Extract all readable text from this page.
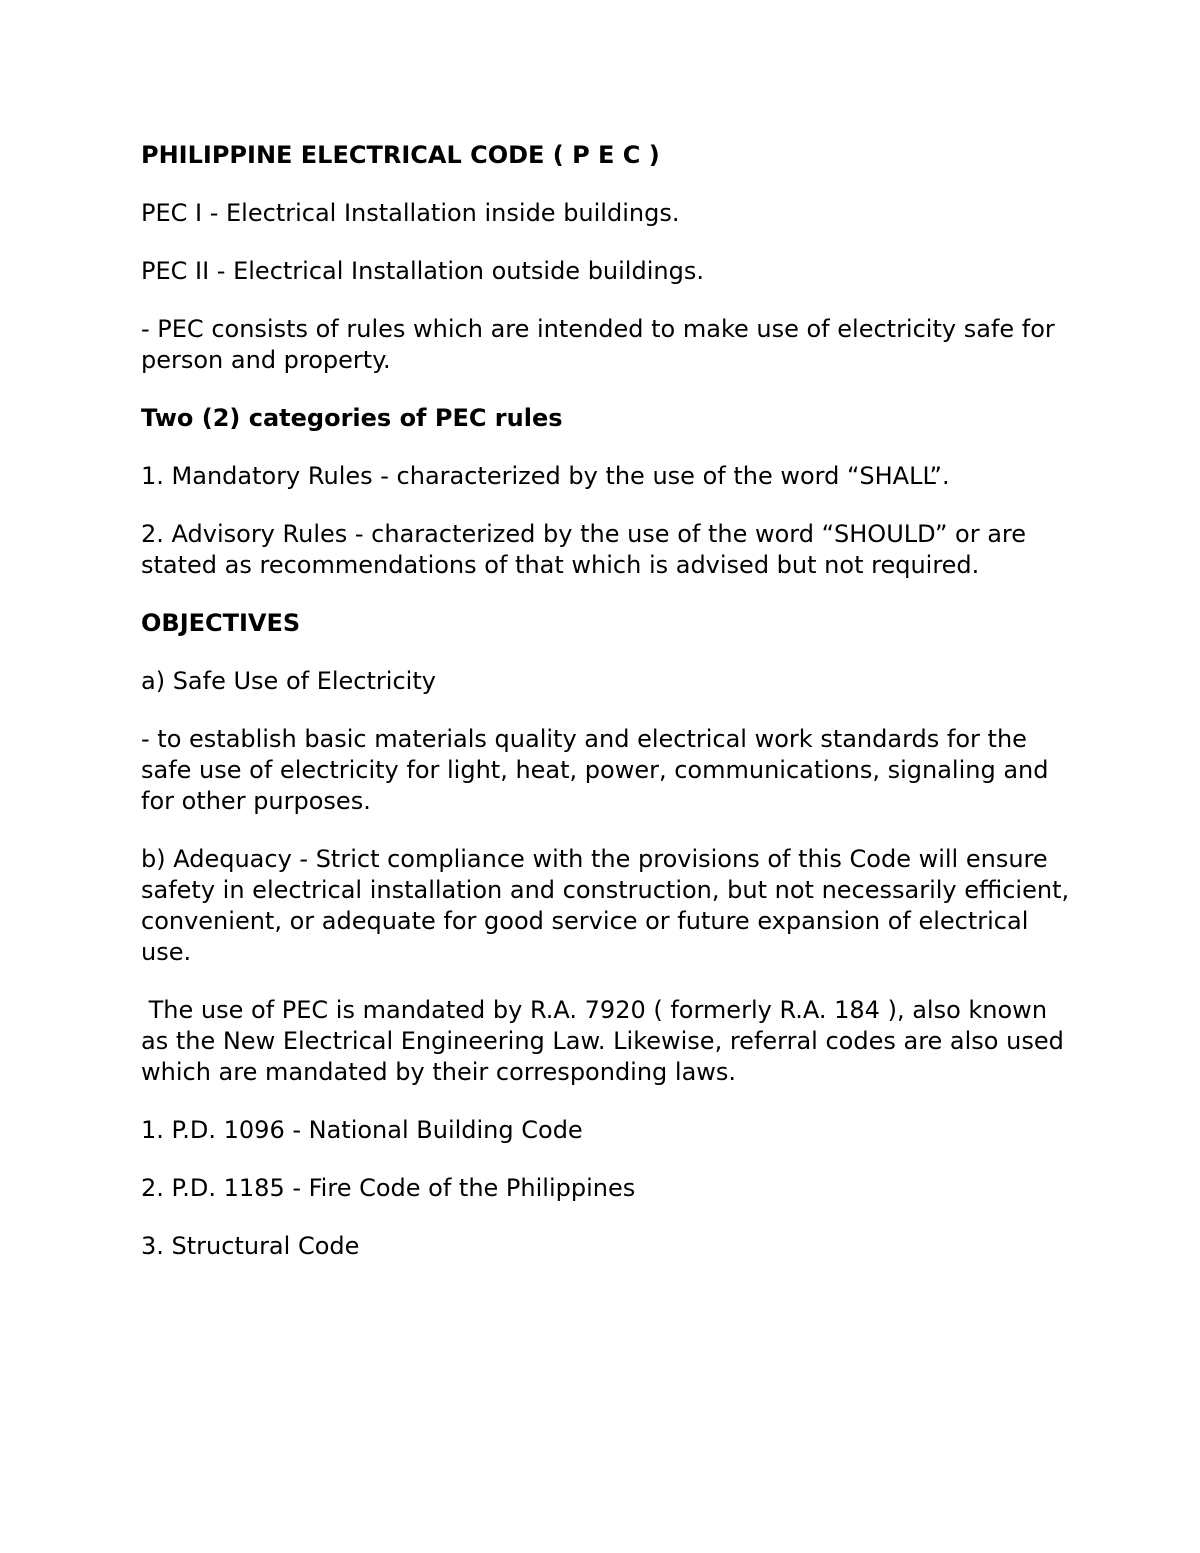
PHILIPPINE ELECTRICAL CODE ( P E C )

PEC I - Electrical Installation inside buildings.

PEC II - Electrical Installation outside buildings.

- PEC consists of rules which are intended to make use of electricity safe for person and property.

Two (2) categories of PEC rules

1. Mandatory Rules - characterized by the use of the word “SHALL”.

2. Advisory Rules - characterized by the use of the word “SHOULD” or are stated as recommendations of that which is advised but not required.

OBJECTIVES

a) Safe Use of Electricity

- to establish basic materials quality and electrical work standards for the safe use of electricity for light, heat, power, communications, signaling and for other purposes.

b) Adequacy - Strict compliance with the provisions of this Code will ensure safety in electrical installation and construction, but not necessarily efficient, convenient, or adequate for good service or future expansion of electrical use.

The use of PEC is mandated by R.A. 7920 ( formerly R.A. 184 ), also known as the New Electrical Engineering Law. Likewise, referral codes are also used which are mandated by their corresponding laws.

1. P.D. 1096 - National Building Code

2. P.D. 1185 - Fire Code of the Philippines

3. Structural Code
